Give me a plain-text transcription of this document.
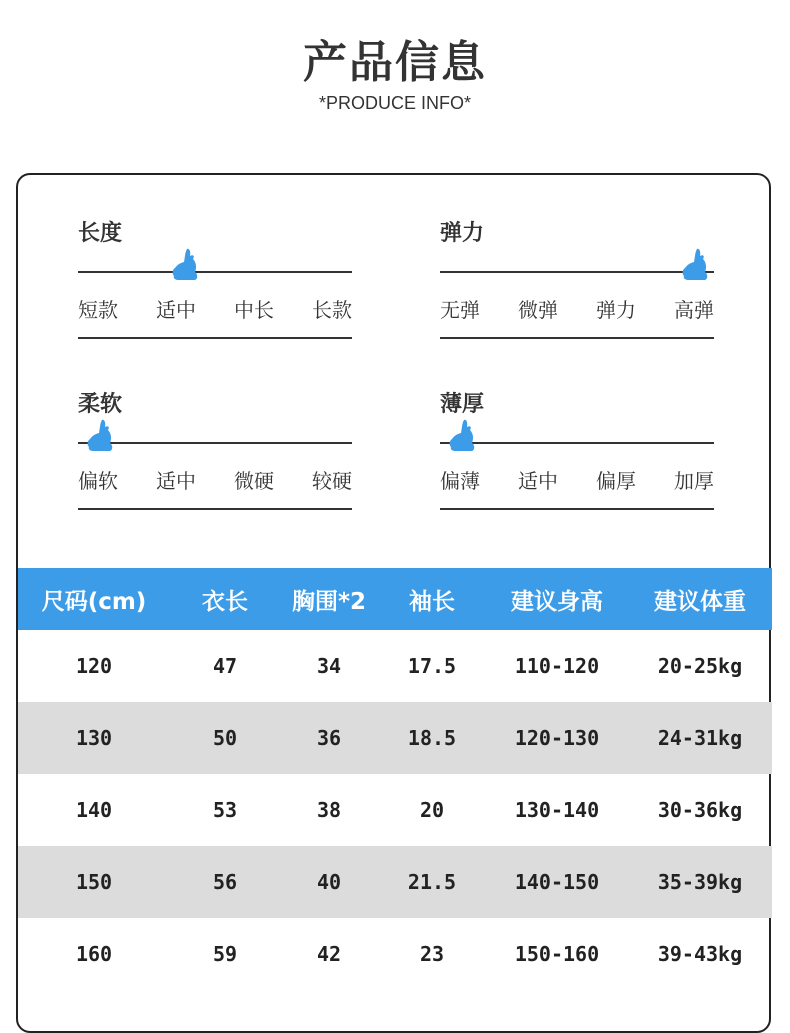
产品信息
*PRODUCE INFO*
长度
短款 适中 中长 长款
弹力
无弹 微弹 弹力 高弹
柔软
偏软 适中 微硬 较硬
薄厚
偏薄 适中 偏厚 加厚
尺码(cm)	衣长	胸围*2	袖长	建议身高	建议体重
120	47	34	17.5	110-120	20-25kg
130	50	36	18.5	120-130	24-31kg
140	53	38	20	130-140	30-36kg
150	56	40	21.5	140-150	35-39kg
160	59	42	23	150-160	39-43kg
